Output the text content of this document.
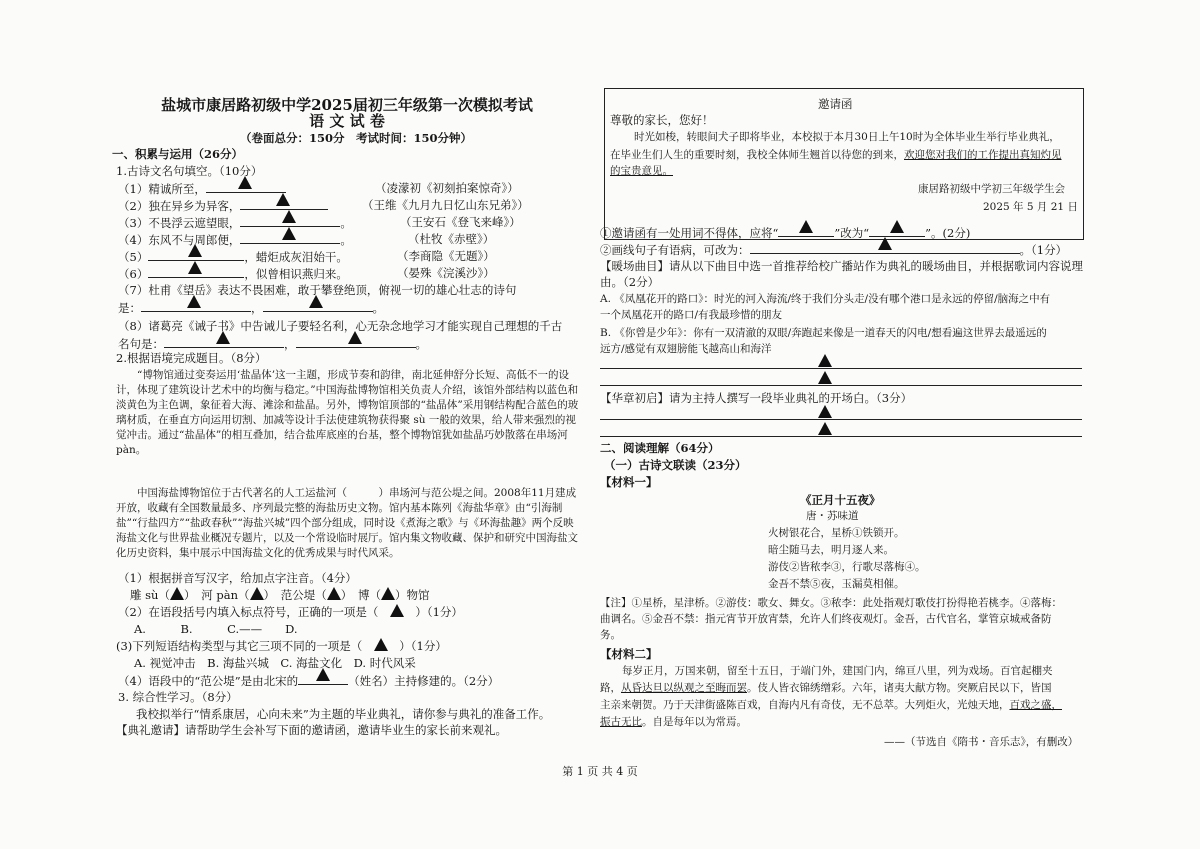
盐城市康居路初级中学2025届初三年级第一次模拟考试
语 文 试 卷
（卷面总分：150分　考试时间：150分钟）
一、积累与运用（26分）
1.古诗文名句填空。（10分）
（1）精诚所至，	（凌濛初《初刻拍案惊奇》）
（2）独在异乡为异客，	（王维《九月九日忆山东兄弟》）
（3）不畏浮云遮望眼，	。	（王安石《登飞来峰》）
（4）东风不与周郎便，	。	（杜牧《赤壁》）
（5）	，蜡炬成灰泪始干。	（李商隐《无题》）
（6）	，似曾相识燕归来。	（晏殊《浣溪沙》）
（7）杜甫《望岳》表达不畏困难，敢于攀登绝顶，俯视一切的雄心壮志的诗句
是：	，	。
（8）诸葛亮《诫子书》中告诫儿子要轻名利，心无杂念地学习才能实现自己理想的千古
名句是：	，	。
2.根据语境完成题目。（8分）
“博物馆通过变奏运用‘盐晶体’这一主题，形成节奏和韵律，南北延伸舒分长短、高低不一的设计，体现了建筑设计艺术中的均衡与稳定。”中国海盐博物馆相关负责人介绍，该馆外部结构以蓝色和淡黄色为主色调，象征着大海、滩涂和盐晶。另外，博物馆顶部的“盐晶体”采用钢结构配合蓝色的玻璃材质，在垂直方向运用切割、加减等设计手法使建筑物获得聚 sù 一般的效果，给人带来强烈的视觉冲击。通过“盐晶体”的相互叠加，结合盐库底座的台基，整个博物馆犹如盐晶巧妙散落在串场河 pàn。
中国海盐博物馆位于古代著名的人工运盐河（　　　）串场河与范公堤之间。2008年11月建成开放，收藏有全国数量最多、序列最完整的海盐历史文物。馆内基本陈列《海盐华章》由“引海制盐”“行盐四方”“盐政春秋”“海盐兴城”四个部分组成，同时设《煮海之歌》与《环海盐趣》两个反映海盐文化与世界盐业概况专题片，以及一个常设临时展厅。馆内集文物收藏、保护和研究中国海盐文化历史资料，集中展示中国海盐文化的优秀成果与时代风采。
（1）根据拼音写汉字，给加点字注音。（4分）
雕 sù（ ）　河 pàn（ ）　范公堤（ ）　博（ ）物馆
（2）在语段括号内填入标点符号，正确的一项是（　　	）（1分）
A.　　　B.　　　C.——　　D.
(3)下列短语结构类型与其它三项不同的一项是（　　	）（1分）
A. 视觉冲击　B. 海盐兴城　C. 海盐文化　D. 时代风采
（4）语段中的“范公堤”是由北宋的	（姓名）主持修建的。（2分）
3. 综合性学习。（8分）
我校拟举行“情系康居，心向未来”为主题的毕业典礼，请你参与典礼的准备工作。
【典礼邀请】请帮助学生会补写下面的邀请函，邀请毕业生的家长前来观礼。
邀请函
尊敬的家长，您好！
时光如梭，转眼间犬子即将毕业，本校拟于本月30日上午10时为全体毕业生举行毕业典礼，
在毕业生们人生的重要时刻，我校全体师生翘首以待您的到来，欢迎您对我们的工作提出真知灼见
的宝贵意见。
康居路初级中学初三年级学生会
2025 年 5 月 21 日
①邀请函有一处用词不得体，应将“	”改为“	”。(2分)
②画线句子有语病，可改为：	。（1分）
【暖场曲目】请从以下曲目中选一首推荐给校广播站作为典礼的暖场曲目，并根据歌词内容说理由。（2分）
A. 《凤凰花开的路口》：时光的河入海流/终于我们分头走/没有哪个港口是永远的停留/脑海之中有
一个凤凰花开的路口/有我最珍惜的朋友
B. 《你曾是少年》：你有一双清澈的双眼/奔跑起来像是一道春天的闪电/想看遍这世界去最遥远的
远方/感觉有双翅膀能飞越高山和海洋
【华章初启】请为主持人撰写一段毕业典礼的开场白。（3分）
二、阅读理解（64分）
（一）古诗文联读（23分）
【材料一】
《正月十五夜》
唐・苏味道
火树银花合，星桥①铁锁开。
暗尘随马去，明月逐人来。
游伎②皆秾李③，行歌尽落梅④。
金吾不禁⑤夜，玉漏莫相催。
【注】①星桥，星津桥。②游伎：歌女、舞女。③秾李：此处指观灯歌伎打扮得艳若桃李。④落梅：
曲调名。⑤金吾不禁：指元宵节开放宵禁，允许人们终夜观灯。金吾，古代官名，掌管京城戒备防
务。
【材料二】
每岁正月，万国来朝，留至十五日，于端门外，建国门内，绵亘八里，列为戏场。百官起棚夹
路，从昏达旦以纵观之至晦而罢。伎人皆衣锦绣缯彩。六年，诸夷大献方物。突厥启民以下，皆国
主亲来朝贺。乃于天津街盛陈百戏，自海内凡有奇伎，无不总萃。大列炬火，光烛天地，百戏之盛，
振古无比。自是每年以为常焉。
——（节选自《隋书・音乐志》，有删改）
第 1 页 共 4 页
